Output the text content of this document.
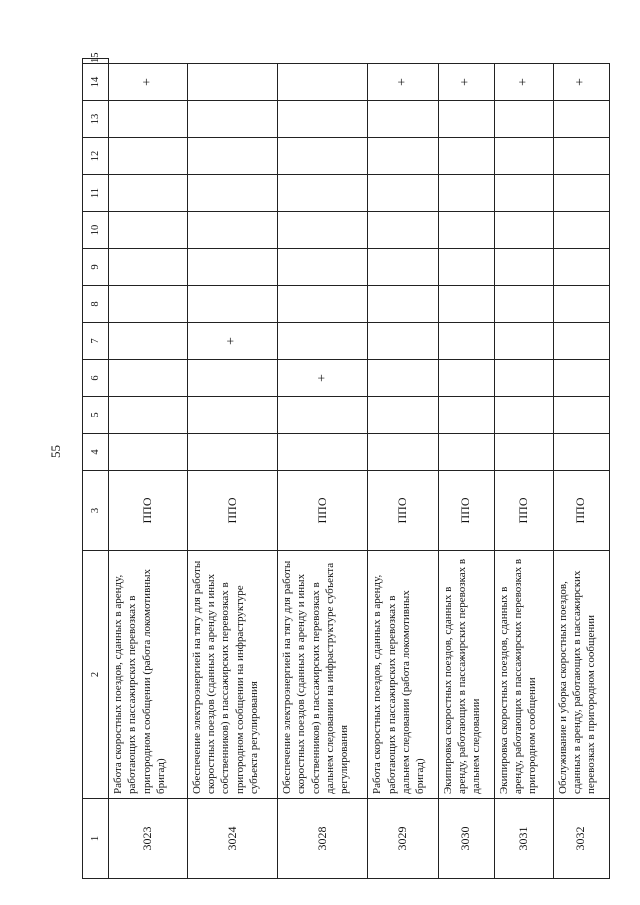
55
1	2	3	4	5	6	7	8	9	10	11	12	13	14	15	
3023	Работа скоростных поездов, сданных в аренду, работающих в пассажирских перевозках в пригородном сообщении (работа локомотивных бригад)	ППО											+		
3024	Обеспечение электроэнергией на тягу для работы скоростных поездов (сданных в аренду и иных собственников) в пассажирских перевозках в пригородном сообщении на инфраструктуре субъекта регулирования	ППО				+									
3028	Обеспечение электроэнергией на тягу для работы скоростных поездов (сданных в аренду и иных собственников) в пассажирских перевозках в дальнем следовании на инфраструктуре субъекта регулирования	ППО			+										
3029	Работа скоростных поездов, сданных в аренду, работающих в пассажирских перевозках в дальнем следовании (работа локомотивных бригад)	ППО											+		
3030	Экипировка скоростных поездов, сданных в аренду, работающих в пассажирских перевозках в дальнем следовании	ППО											+		
3031	Экипировка скоростных поездов, сданных в аренду, работающих в пассажирских перевозках в пригородном сообщении	ППО											+		
3032	Обслуживание и уборка скоростных поездов, сданных в аренду, работающих в пассажирских перевозках в пригородном сообщении	ППО											+		
